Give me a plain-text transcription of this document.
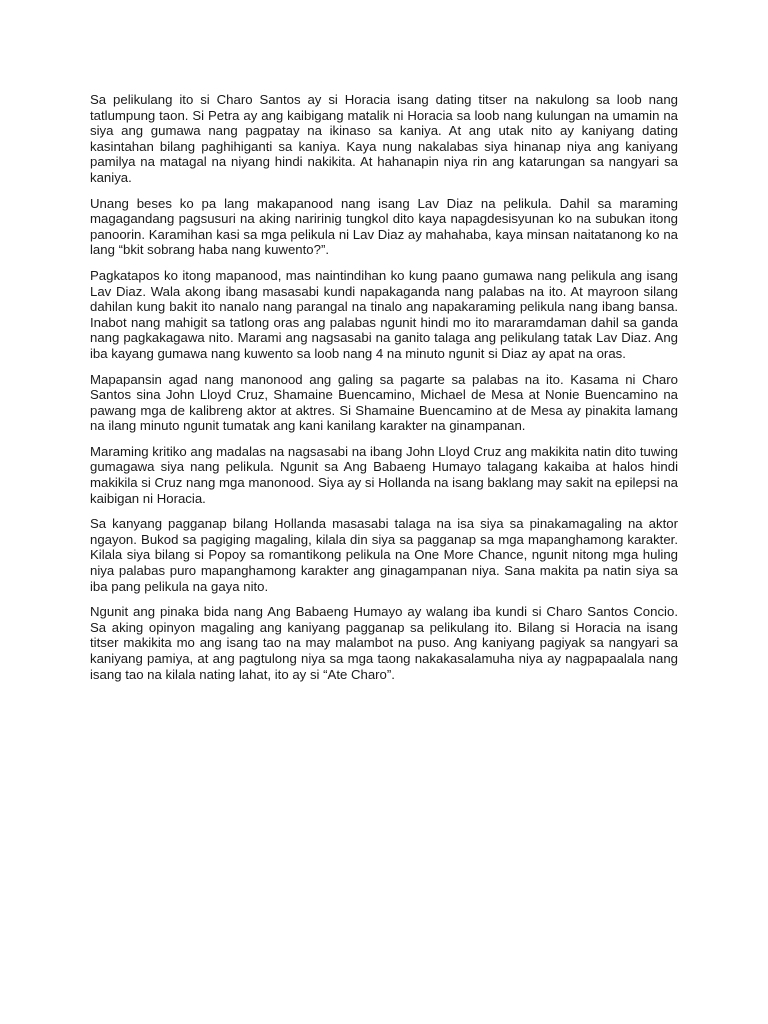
Sa pelikulang ito si Charo Santos ay si Horacia isang dating titser na nakulong sa loob nang tatlumpung taon. Si Petra ay ang kaibigang matalik ni Horacia sa loob nang kulungan na umamin na siya ang gumawa nang pagpatay na ikinaso sa kaniya. At ang utak nito ay kaniyang dating kasintahan bilang paghihiganti sa kaniya. Kaya nung nakalabas siya hinanap niya ang kaniyang pamilya na matagal na niyang hindi nakikita. At hahanapin niya rin ang katarungan sa nangyari sa kaniya.

Unang beses ko pa lang makapanood nang isang Lav Diaz na pelikula. Dahil sa maraming magagandang pagsusuri na aking naririnig tungkol dito kaya napagdesisyunan ko na subukan itong panoorin. Karamihan kasi sa mga pelikula ni Lav Diaz ay mahahaba, kaya minsan naitatanong ko na lang “bkit sobrang haba nang kuwento?”.

Pagkatapos ko itong mapanood, mas naintindihan ko kung paano gumawa nang pelikula ang isang Lav Diaz. Wala akong ibang masasabi kundi napakaganda nang palabas na ito. At mayroon silang dahilan kung bakit ito nanalo nang parangal na tinalo ang napakaraming pelikula nang ibang bansa. Inabot nang mahigit sa tatlong oras ang palabas ngunit hindi mo ito mararamdaman dahil sa ganda nang pagkakagawa nito. Marami ang nagsasabi na ganito talaga ang pelikulang tatak Lav Diaz. Ang iba kayang gumawa nang kuwento sa loob nang 4 na minuto ngunit si Diaz ay apat na oras.

Mapapansin agad nang manonood ang galing sa pagarte sa palabas na ito. Kasama ni Charo Santos sina John Lloyd Cruz, Shamaine Buencamino, Michael de Mesa at Nonie Buencamino na pawang mga de kalibreng aktor at aktres. Si Shamaine Buencamino at de Mesa ay pinakita lamang na ilang minuto ngunit tumatak ang kani kanilang karakter na ginampanan.

Maraming kritiko ang madalas na nagsasabi na ibang John Lloyd Cruz ang makikita natin dito tuwing gumagawa siya nang pelikula. Ngunit sa Ang Babaeng Humayo talagang kakaiba at halos hindi makikila si Cruz nang mga manonood. Siya ay si Hollanda na isang baklang may sakit na epilepsi na kaibigan ni Horacia.

Sa kanyang pagganap bilang Hollanda masasabi talaga na isa siya sa pinakamagaling na aktor ngayon. Bukod sa pagiging magaling, kilala din siya sa pagganap sa mga mapanghamong karakter. Kilala siya bilang si Popoy sa romantikong pelikula na One More Chance, ngunit nitong mga huling niya palabas puro mapanghamong karakter ang ginagampanan niya. Sana makita pa natin siya sa iba pang pelikula na gaya nito.

Ngunit ang pinaka bida nang Ang Babaeng Humayo ay walang iba kundi si Charo Santos Concio. Sa aking opinyon magaling ang kaniyang pagganap sa pelikulang ito. Bilang si Horacia na isang titser makikita mo ang isang tao na may malambot na puso. Ang kaniyang pagiyak sa nangyari sa kaniyang pamiya, at ang pagtulong niya sa mga taong nakakasalamuha niya ay nagpapaalala nang isang tao na kilala nating lahat, ito ay si “Ate Charo”.
